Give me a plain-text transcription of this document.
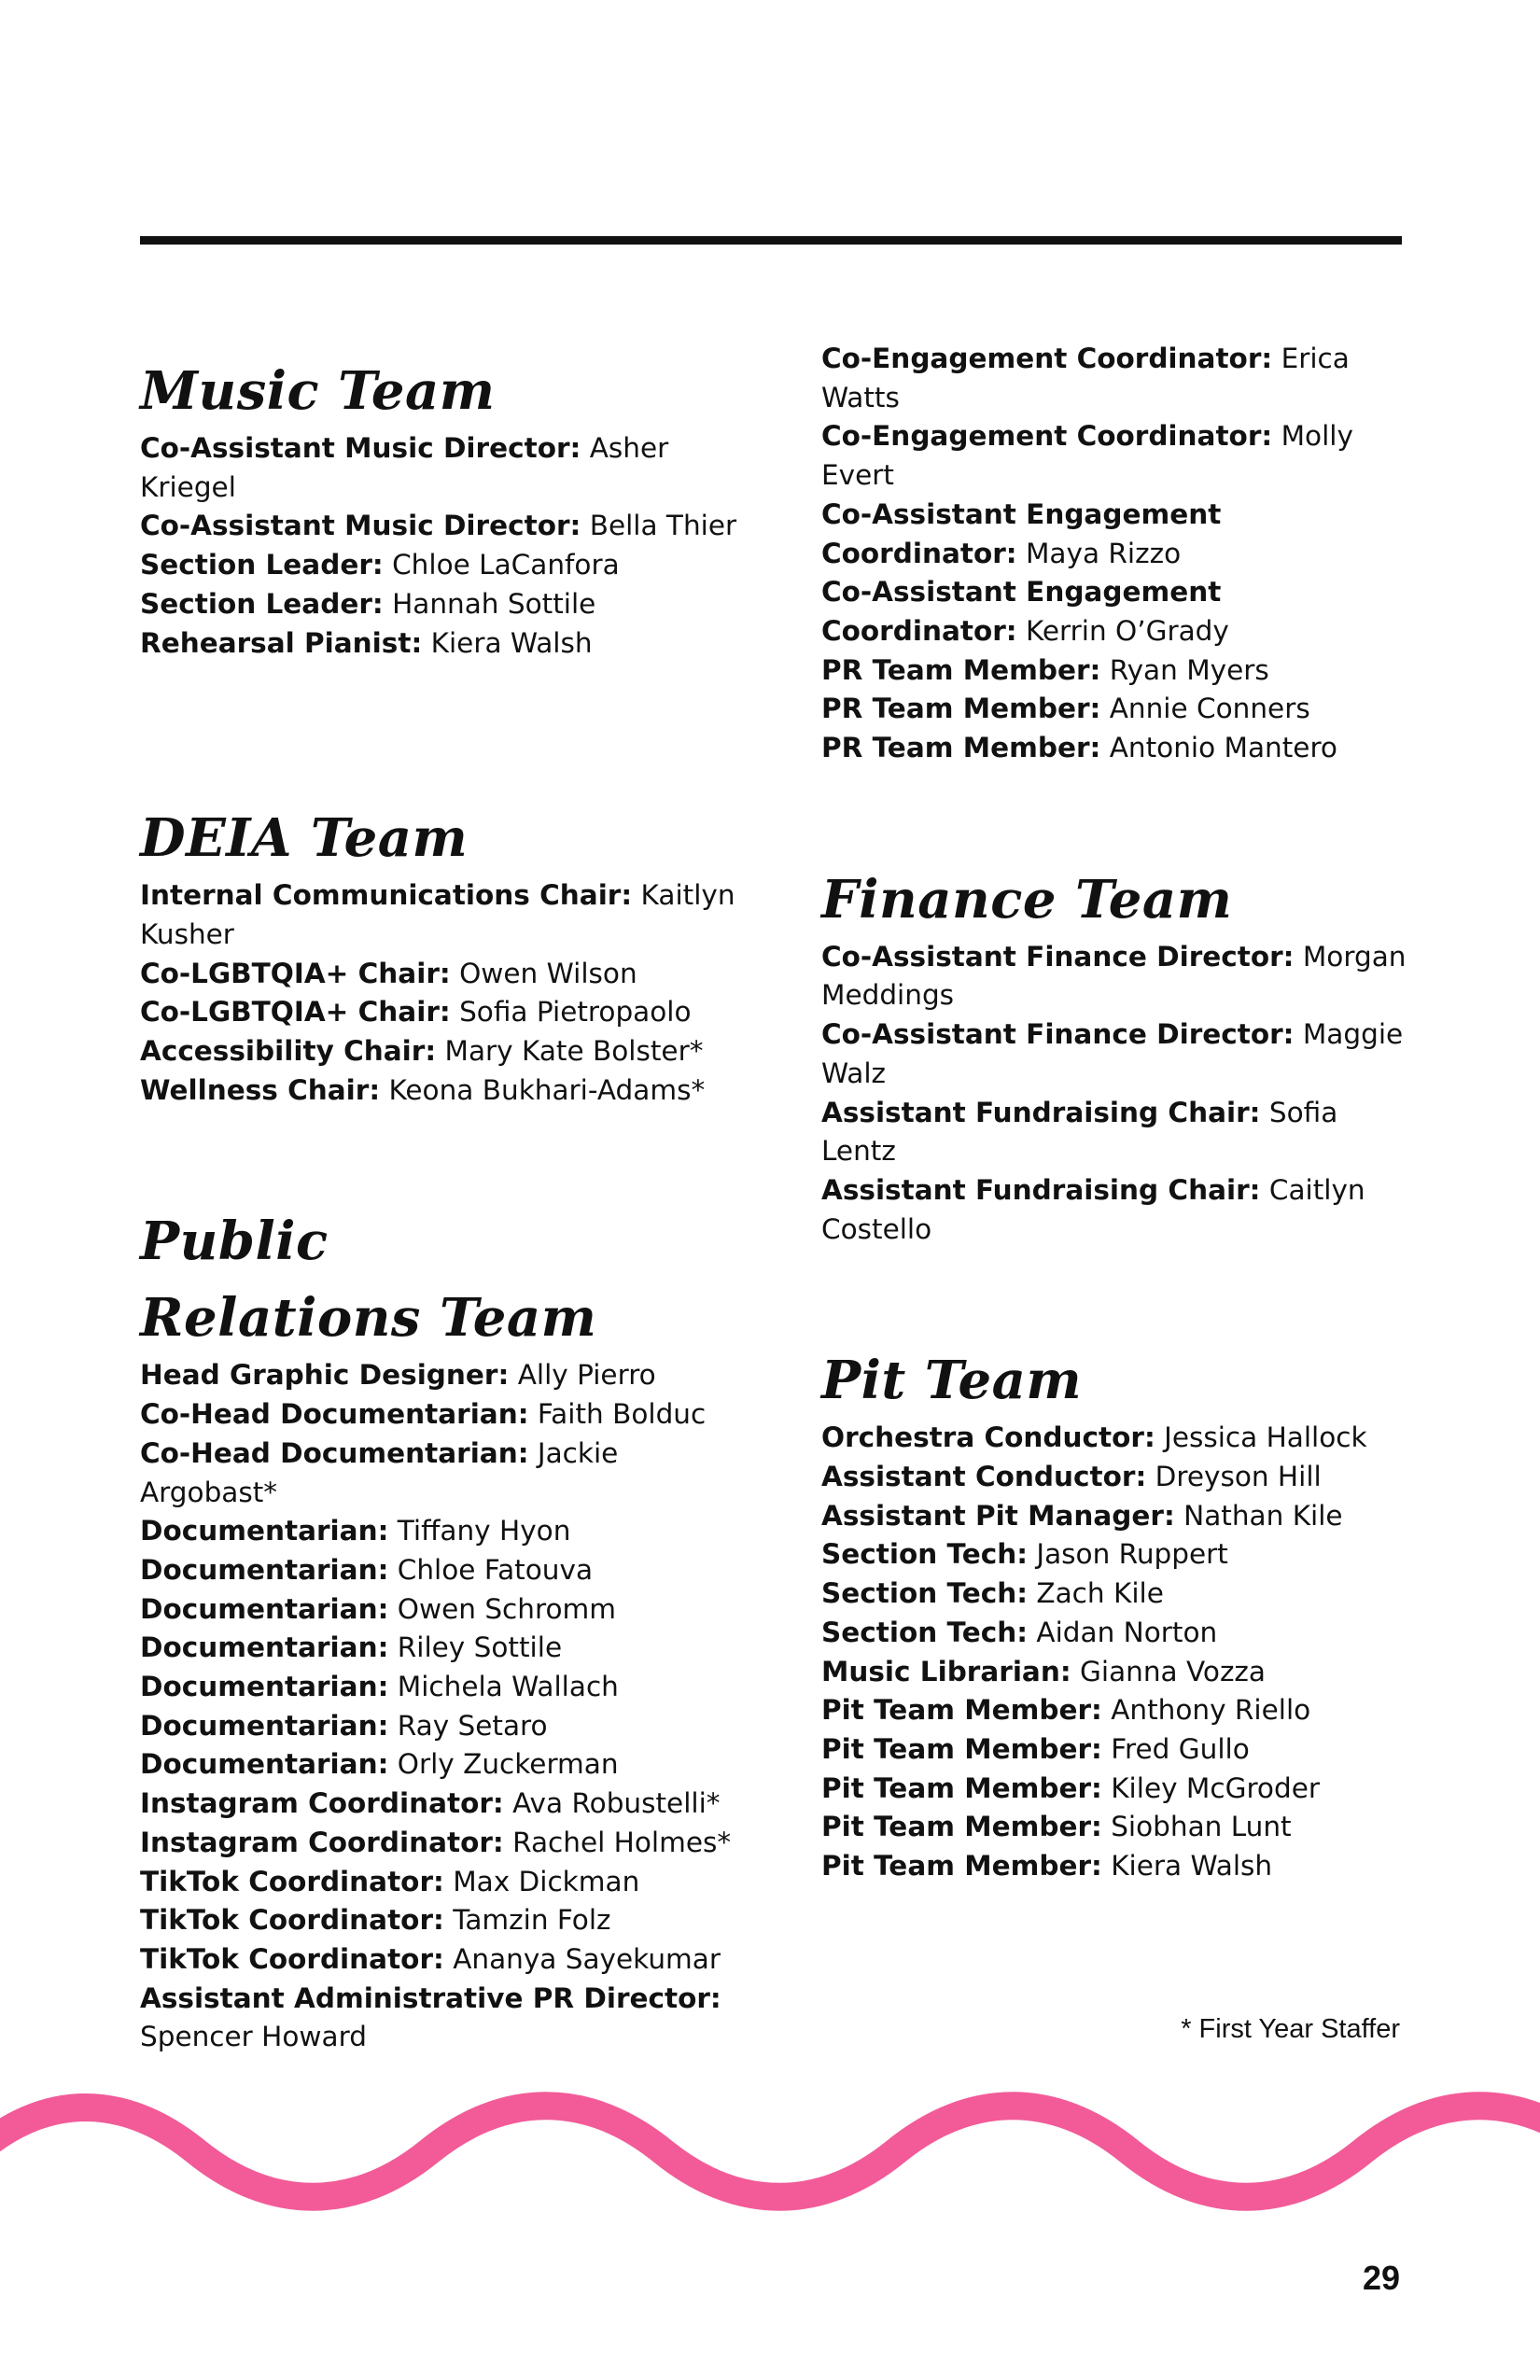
Music Team
Co-Assistant Music Director: Asher Kriegel
Co-Assistant Music Director: Bella Thier
Section Leader: Chloe LaCanfora
Section Leader: Hannah Sottile
Rehearsal Pianist: Kiera Walsh
DEIA Team
Internal Communications Chair: Kaitlyn Kusher
Co-LGBTQIA+ Chair: Owen Wilson
Co-LGBTQIA+ Chair: Sofia Pietropaolo
Accessibility Chair: Mary Kate Bolster*
Wellness Chair: Keona Bukhari-Adams*
Public Relations Team
Head Graphic Designer: Ally Pierro
Co-Head Documentarian: Faith Bolduc
Co-Head Documentarian: Jackie Argobast*
Documentarian: Tiffany Hyon
Documentarian: Chloe Fatouva
Documentarian: Owen Schromm
Documentarian: Riley Sottile
Documentarian: Michela Wallach
Documentarian: Ray Setaro
Documentarian: Orly Zuckerman
Instagram Coordinator: Ava Robustelli*
Instagram Coordinator: Rachel Holmes*
TikTok Coordinator: Max Dickman
TikTok Coordinator: Tamzin Folz
TikTok Coordinator: Ananya Sayekumar
Assistant Administrative PR Director: Spencer Howard
Co-Engagement Coordinator: Erica Watts
Co-Engagement Coordinator: Molly Evert
Co-Assistant Engagement Coordinator: Maya Rizzo
Co-Assistant Engagement Coordinator: Kerrin O’Grady
PR Team Member: Ryan Myers
PR Team Member: Annie Conners
PR Team Member: Antonio Mantero
Finance Team
Co-Assistant Finance Director: Morgan Meddings
Co-Assistant Finance Director: Maggie Walz
Assistant Fundraising Chair: Sofia Lentz
Assistant Fundraising Chair: Caitlyn Costello
Pit Team
Orchestra Conductor: Jessica Hallock
Assistant Conductor: Dreyson Hill
Assistant Pit Manager: Nathan Kile
Section Tech: Jason Ruppert
Section Tech: Zach Kile
Section Tech: Aidan Norton
Music Librarian: Gianna Vozza
Pit Team Member: Anthony Riello
Pit Team Member: Fred Gullo
Pit Team Member: Kiley McGroder
Pit Team Member: Siobhan Lunt
Pit Team Member: Kiera Walsh
* First Year Staffer
29
